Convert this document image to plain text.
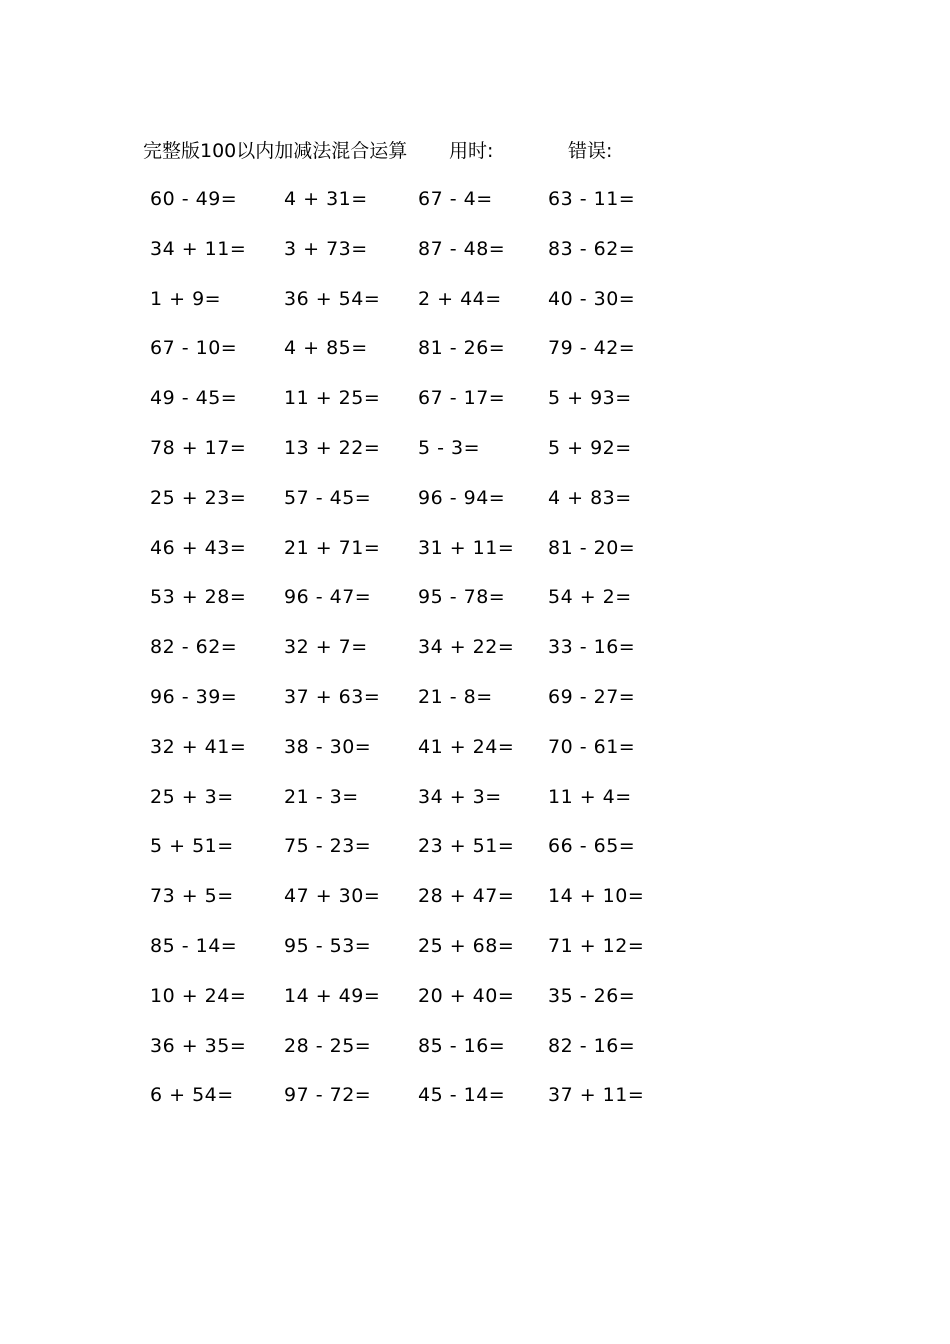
完整版100以内加减法混合运算 用时:	错误:
60 - 49=	4 + 31=	67 - 4=	63 - 11=
34 + 11=	3 + 73=	87 - 48=	83 - 62=
1 + 9=	36 + 54=	2 + 44=	40 - 30=
67 - 10=	4 + 85=	81 - 26=	79 - 42=
49 - 45=	11 + 25=	67 - 17=	5 + 93=
78 + 17=	13 + 22=	5 - 3=	5 + 92=
25 + 23=	57 - 45=	96 - 94=	4 + 83=
46 + 43=	21 + 71=	31 + 11=	81 - 20=
53 + 28=	96 - 47=	95 - 78=	54 + 2=
82 - 62=	32 + 7=	34 + 22=	33 - 16=
96 - 39=	37 + 63=	21 - 8=	69 - 27=
32 + 41=	38 - 30=	41 + 24=	70 - 61=
25 + 3=	21 - 3=	34 + 3=	11 + 4=
5 + 51=	75 - 23=	23 + 51=	66 - 65=
73 + 5=	47 + 30=	28 + 47=	14 + 10=
85 - 14=	95 - 53=	25 + 68=	71 + 12=
10 + 24=	14 + 49=	20 + 40=	35 - 26=
36 + 35=	28 - 25=	85 - 16=	82 - 16=
6 + 54=	97 - 72=	45 - 14=	37 + 11=
